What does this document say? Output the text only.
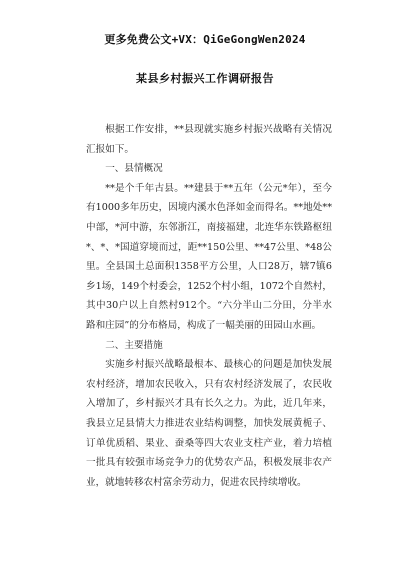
更多免费公文+VX：QiGeGongWen2024
某县乡村振兴工作调研报告

根据工作安排，**县现就实施乡村振兴战略有关情况汇报如下。

一、县情概况

**是个千年古县。**建县于**五年（公元*年），至今有1000多年历史，因境内溪水色泽如金而得名。**地处**中部，*河中游，东邻浙江，南接福建，北连华东铁路枢纽*、*、*国道穿境而过，距**150公里、**47公里、*48公里。全县国土总面积1358平方公里，人口28万，辖7镇6乡1场，149个村委会，1252个村小组，1072个自然村，其中30户以上自然村912个。“六分半山二分田，分半水路和庄园”的分布格局，构成了一幅美丽的田园山水画。

二、主要措施

实施乡村振兴战略最根本、最核心的问题是加快发展农村经济，增加农民收入，只有农村经济发展了，农民收入增加了，乡村振兴才具有长久之力。为此，近几年来，我县立足县情大力推进农业结构调整，加快发展黄栀子、订单优质稻、果业、蚕桑等四大农业支柱产业，着力培植一批具有较强市场竞争力的优势农产品，积极发展非农产业，就地转移农村富余劳动力，促进农民持续增收。
